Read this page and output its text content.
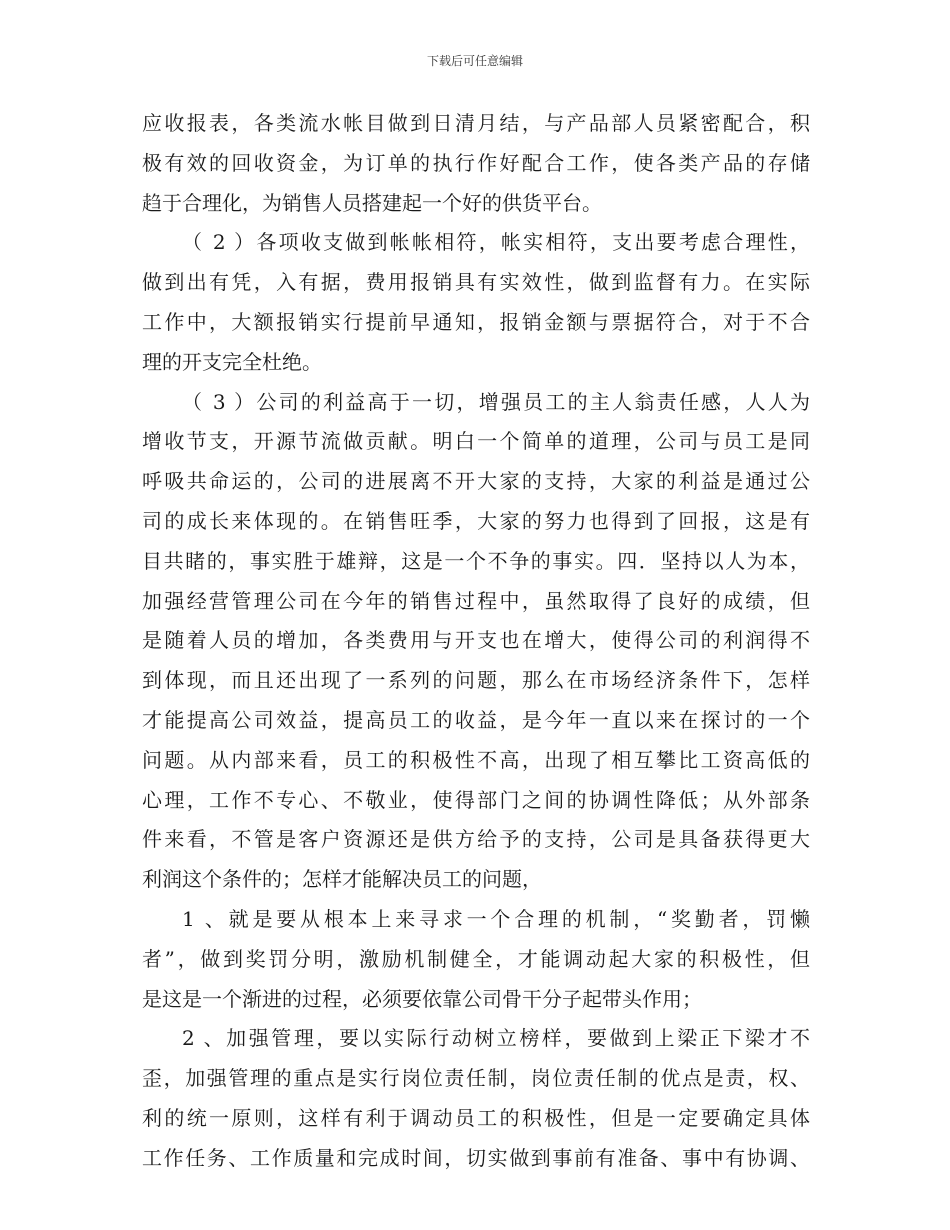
下载后可任意编辑
应收报表，各类流水帐目做到日清月结，与产品部人员紧密配合，积
极有效的回收资金，为订单的执行作好配合工作，使各类产品的存储
趋于合理化，为销售人员搭建起一个好的供货平台。
（ 2 ）各项收支做到帐帐相符，帐实相符，支出要考虑合理性，
做到出有凭，入有据，费用报销具有实效性，做到监督有力。在实际
工作中，大额报销实行提前早通知，报销金额与票据符合，对于不合
理的开支完全杜绝。
（ 3 ）公司的利益高于一切，增强员工的主人翁责任感，人人为
增收节支，开源节流做贡献。明白一个简单的道理，公司与员工是同
呼吸共命运的，公司的进展离不开大家的支持，大家的利益是通过公
司的成长来体现的。在销售旺季，大家的努力也得到了回报，这是有
目共睹的，事实胜于雄辩，这是一个不争的事实。四．坚持以人为本，
加强经营管理公司在今年的销售过程中，虽然取得了良好的成绩，但
是随着人员的增加，各类费用与开支也在增大，使得公司的利润得不
到体现，而且还出现了一系列的问题，那么在市场经济条件下，怎样
才能提高公司效益，提高员工的收益，是今年一直以来在探讨的一个
问题。从内部来看，员工的积极性不高，出现了相互攀比工资高低的
心理，工作不专心、不敬业，使得部门之间的协调性降低；从外部条
件来看，不管是客户资源还是供方给予的支持，公司是具备获得更大
利润这个条件的；怎样才能解决员工的问题，
1 、就是要从根本上来寻求一个合理的机制，“奖勤者，罚懒
者”，做到奖罚分明，激励机制健全，才能调动起大家的积极性，但
是这是一个渐进的过程，必须要依靠公司骨干分子起带头作用；
2 、加强管理，要以实际行动树立榜样，要做到上梁正下梁才不
歪，加强管理的重点是实行岗位责任制，岗位责任制的优点是责，权、
利的统一原则，这样有利于调动员工的积极性，但是一定要确定具体
工作任务、工作质量和完成时间，切实做到事前有准备、事中有协调、
